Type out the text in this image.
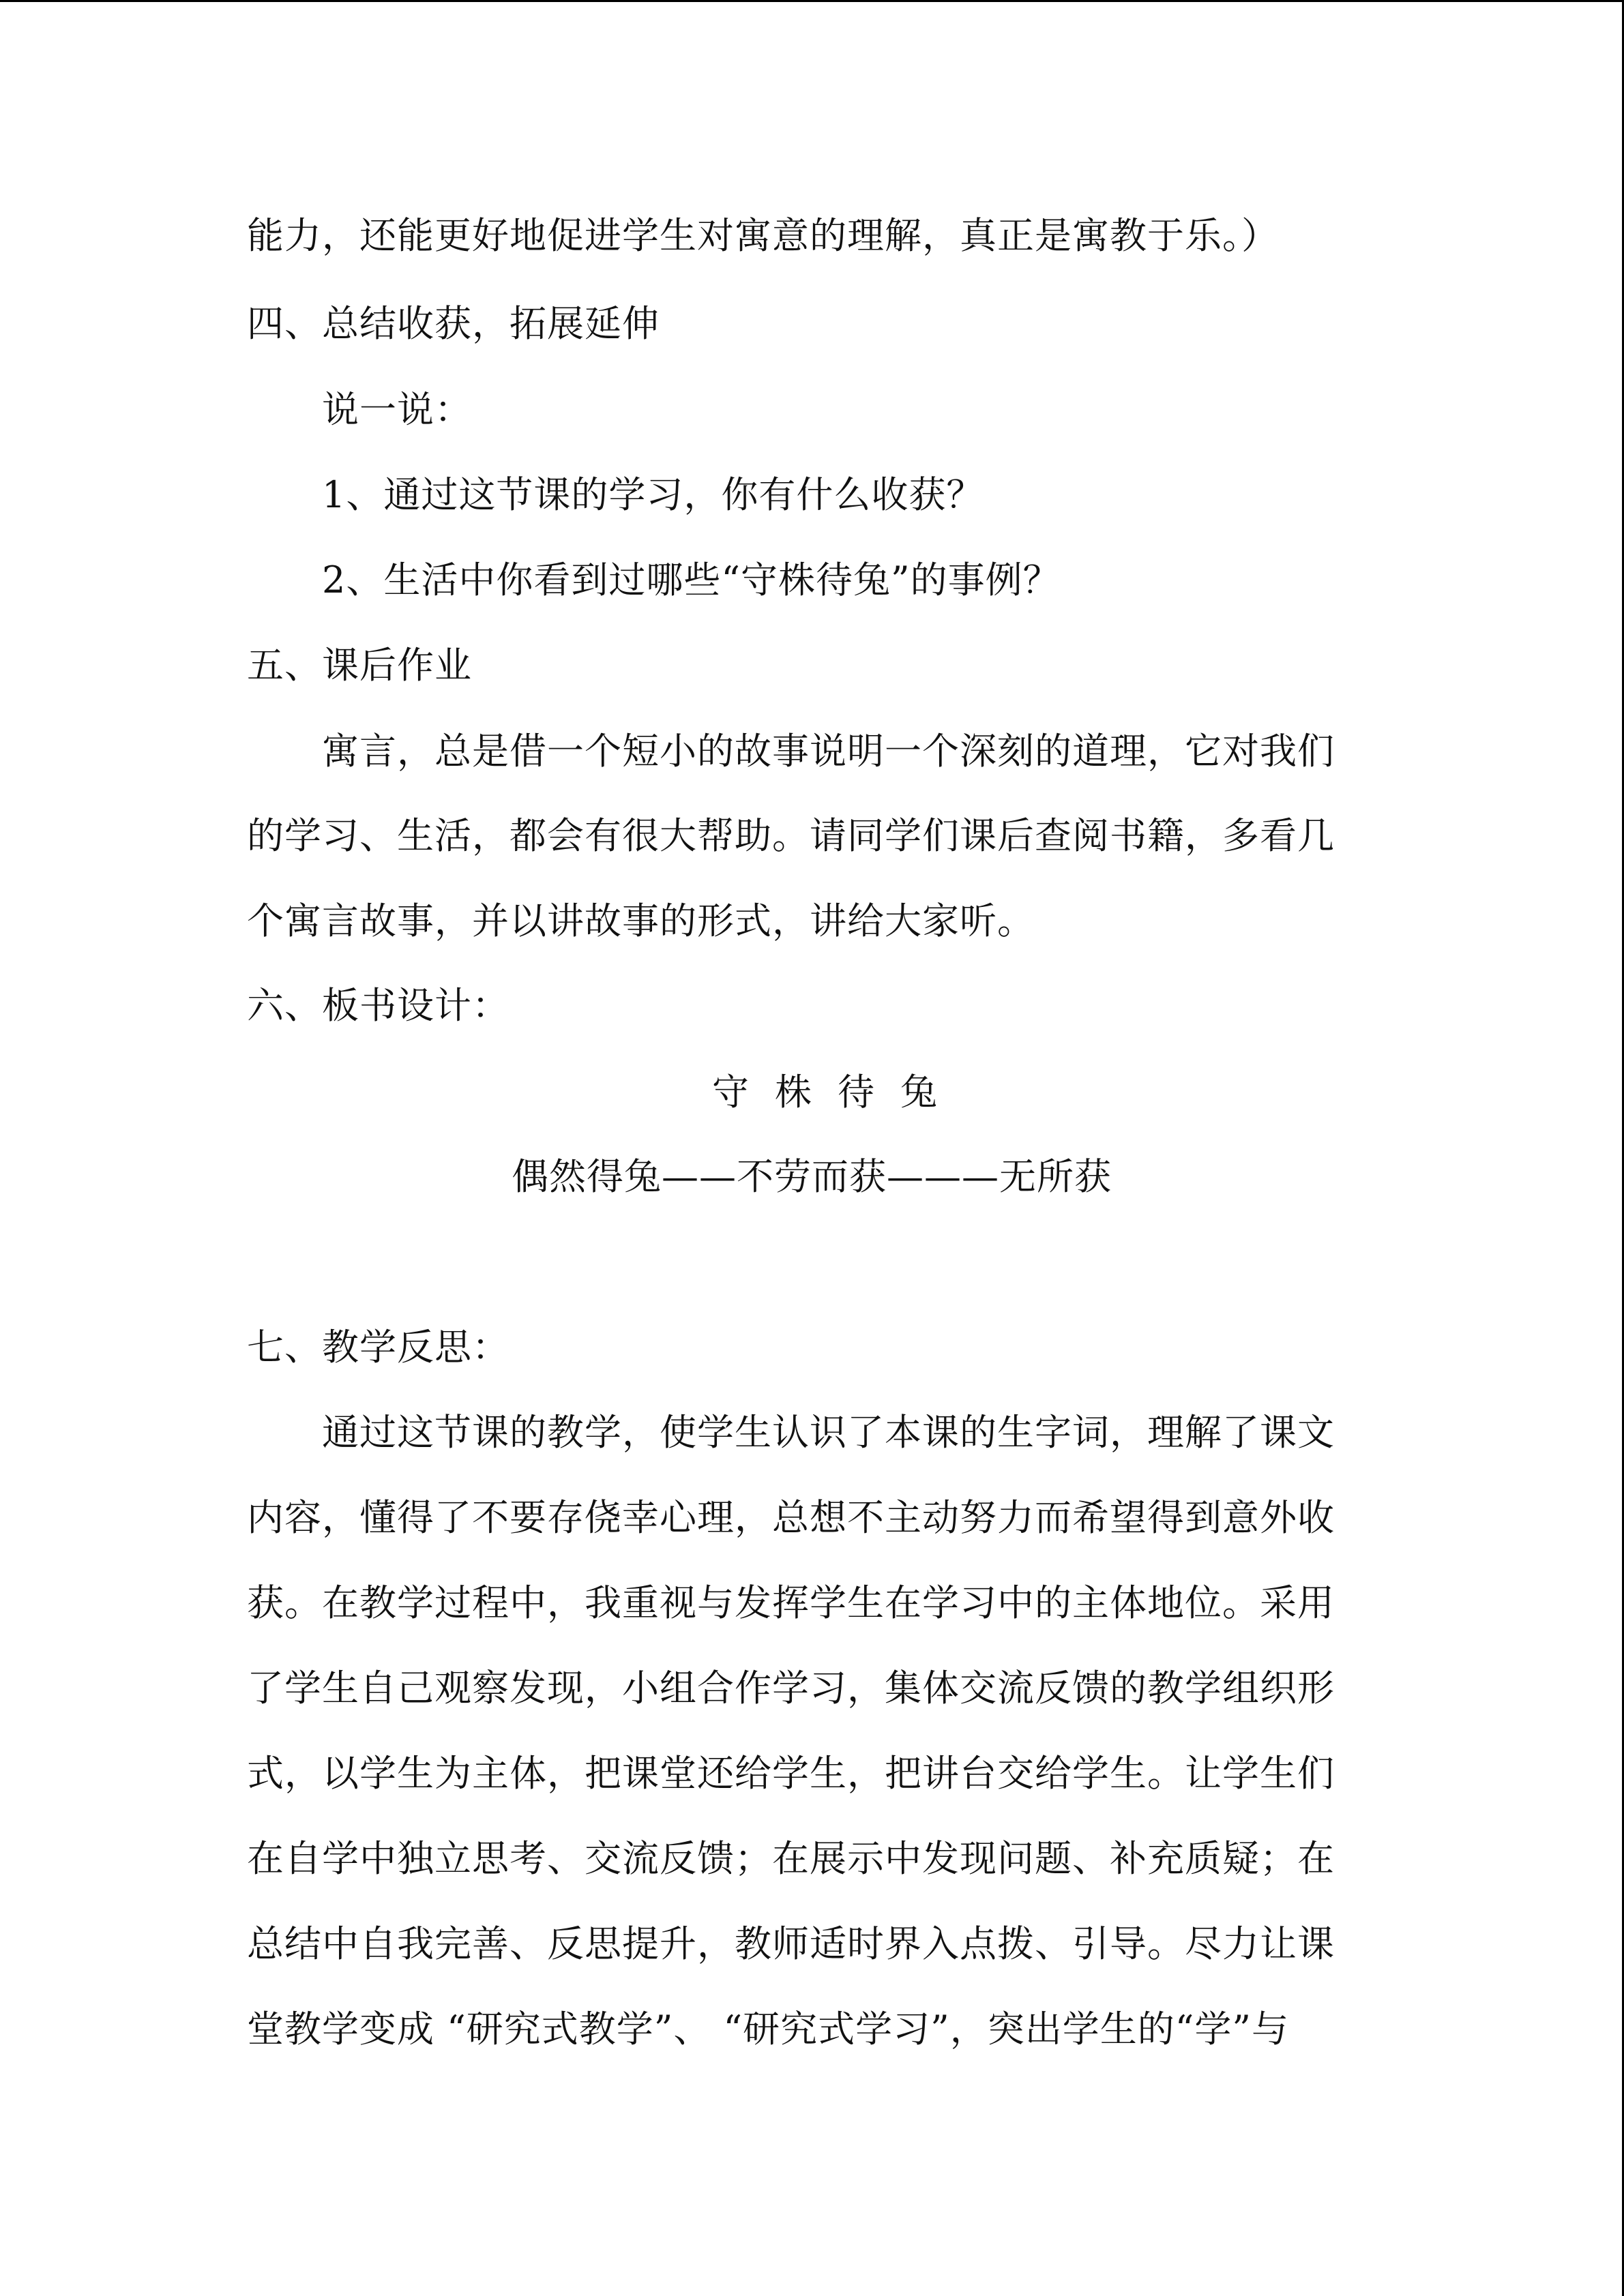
能力，还能更好地促进学生对寓意的理解，真正是寓教于乐。）
四、总结收获，拓展延伸
说一说：
1、通过这节课的学习，你有什么收获？
2、生活中你看到过哪些“守株待兔”的事例？
五、课后作业
寓言，总是借一个短小的故事说明一个深刻的道理，它对我们
的学习、生活，都会有很大帮助。请同学们课后查阅书籍，多看几
个寓言故事，并以讲故事的形式，讲给大家听。
六、板书设计：
守株待兔
偶然得兔——不劳而获———无所获
七、教学反思：
通过这节课的教学，使学生认识了本课的生字词，理解了课文
内容，懂得了不要存侥幸心理，总想不主动努力而希望得到意外收
获。在教学过程中，我重视与发挥学生在学习中的主体地位。采用
了学生自己观察发现，小组合作学习，集体交流反馈的教学组织形
式，以学生为主体，把课堂还给学生，把讲台交给学生。让学生们
在自学中独立思考、交流反馈；在展示中发现问题、补充质疑；在
总结中自我完善、反思提升，教师适时界入点拨、引导。尽力让课
堂教学变成 “研究式教学”、 “研究式学习”，突出学生的“学”与
